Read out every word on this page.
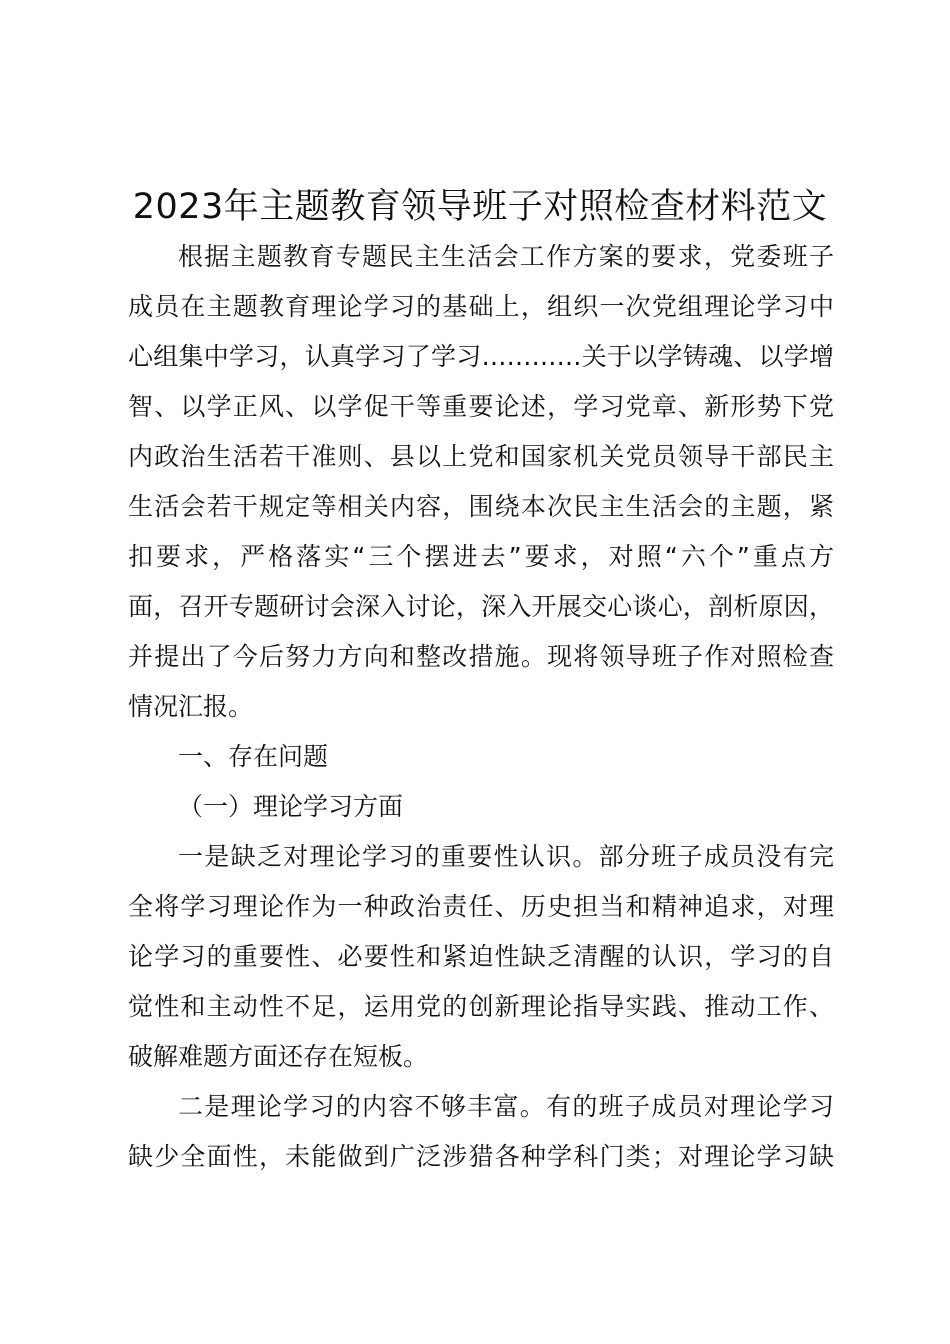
2023年主题教育领导班子对照检查材料范文
根据主题教育专题民主生活会工作方案的要求，党委班子
成员在主题教育理论学习的基础上，组织一次党组理论学习中
心组集中学习，认真学习了学习…………关于以学铸魂、以学增
智、以学正风、以学促干等重要论述，学习党章、新形势下党
内政治生活若干准则、县以上党和国家机关党员领导干部民主
生活会若干规定等相关内容，围绕本次民主生活会的主题，紧
扣要求，严格落实“三个摆进去”要求，对照“六个”重点方
面，召开专题研讨会深入讨论，深入开展交心谈心，剖析原因，
并提出了今后努力方向和整改措施。现将领导班子作对照检查
情况汇报。
一、存在问题
（一）理论学习方面
一是缺乏对理论学习的重要性认识。部分班子成员没有完
全将学习理论作为一种政治责任、历史担当和精神追求，对理
论学习的重要性、必要性和紧迫性缺乏清醒的认识，学习的自
觉性和主动性不足，运用党的创新理论指导实践、推动工作、
破解难题方面还存在短板。
二是理论学习的内容不够丰富。有的班子成员对理论学习
缺少全面性，未能做到广泛涉猎各种学科门类；对理论学习缺
